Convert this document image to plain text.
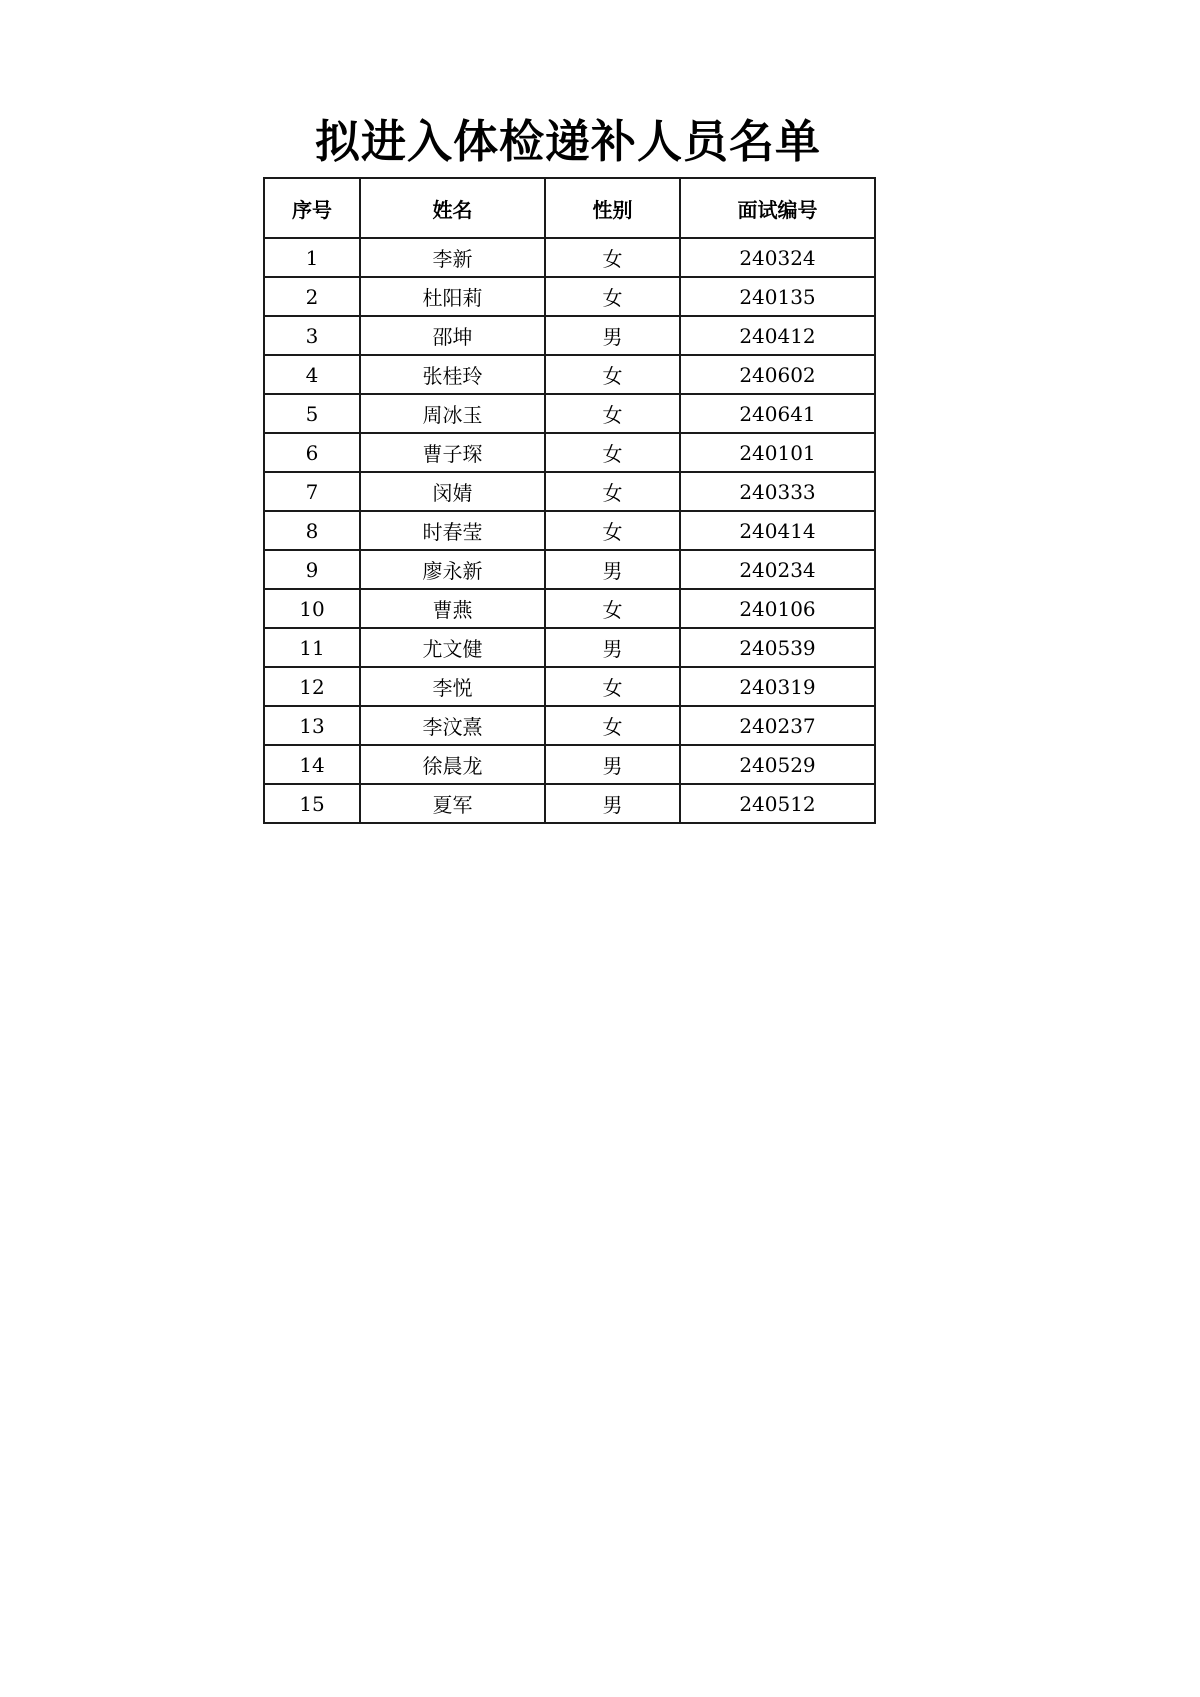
拟进入体检递补人员名单
序号	姓名	性别	面试编号
1	李新	女	240324
2	杜阳莉	女	240135
3	邵坤	男	240412
4	张桂玲	女	240602
5	周冰玉	女	240641
6	曹子琛	女	240101
7	闵婧	女	240333
8	时春莹	女	240414
9	廖永新	男	240234
10	曹燕	女	240106
11	尤文健	男	240539
12	李悦	女	240319
13	李汶熹	女	240237
14	徐晨龙	男	240529
15	夏军	男	240512
